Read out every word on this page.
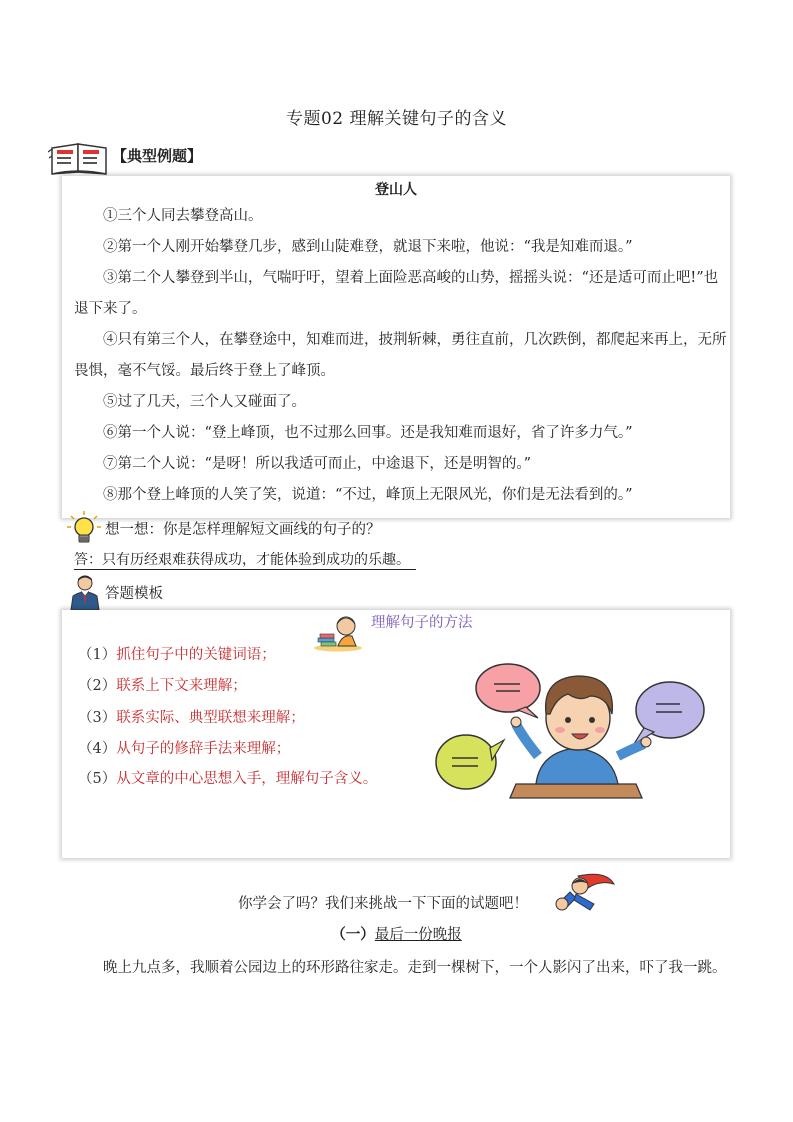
专题02 理解关键句子的含义
【典型例题】
登山人
①三个人同去攀登高山。
②第一个人刚开始攀登几步，感到山陡难登，就退下来啦，他说：“我是知难而退。”
③第二个人攀登到半山，气喘吁吁，望着上面险恶高峻的山势，摇摇头说：“还是适可而止吧!”也退下来了。
④只有第三个人，在攀登途中，知难而进，披荆斩棘，勇往直前，几次跌倒，都爬起来再上，无所畏惧，毫不气馁。最后终于登上了峰顶。
⑤过了几天，三个人又碰面了。
⑥第一个人说：“登上峰顶，也不过那么回事。还是我知难而退好，省了许多力气。”
⑦第二个人说：“是呀！所以我适可而止，中途退下，还是明智的。”
⑧那个登上峰顶的人笑了笑，说道：“不过，峰顶上无限风光，你们是无法看到的。”
想一想：你是怎样理解短文画线的句子的？
答：只有历经艰难获得成功，才能体验到成功的乐趣。
答题模板
理解句子的方法
（1）抓住句子中的关键词语；
（2）联系上下文来理解；
（3）联系实际、典型联想来理解；
（4）从句子的修辞手法来理解；
（5）从文章的中心思想入手，理解句子含义。
你学会了吗？我们来挑战一下下面的试题吧！
（一）最后一份晚报
晚上九点多，我顺着公园边上的环形路往家走。走到一棵树下，一个人影闪了出来，吓了我一跳。
